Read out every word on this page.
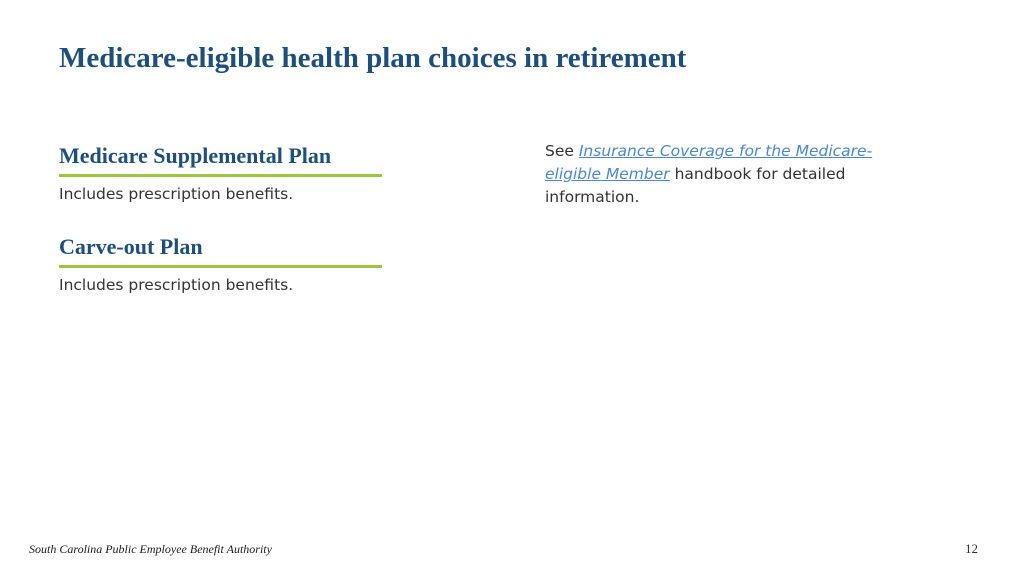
Medicare-eligible health plan choices in retirement
Medicare Supplemental Plan
Includes prescription benefits.
Carve-out Plan
Includes prescription benefits.
See Insurance Coverage for the Medicare-eligible Member handbook for detailed information.
South Carolina Public Employee Benefit Authority	12
